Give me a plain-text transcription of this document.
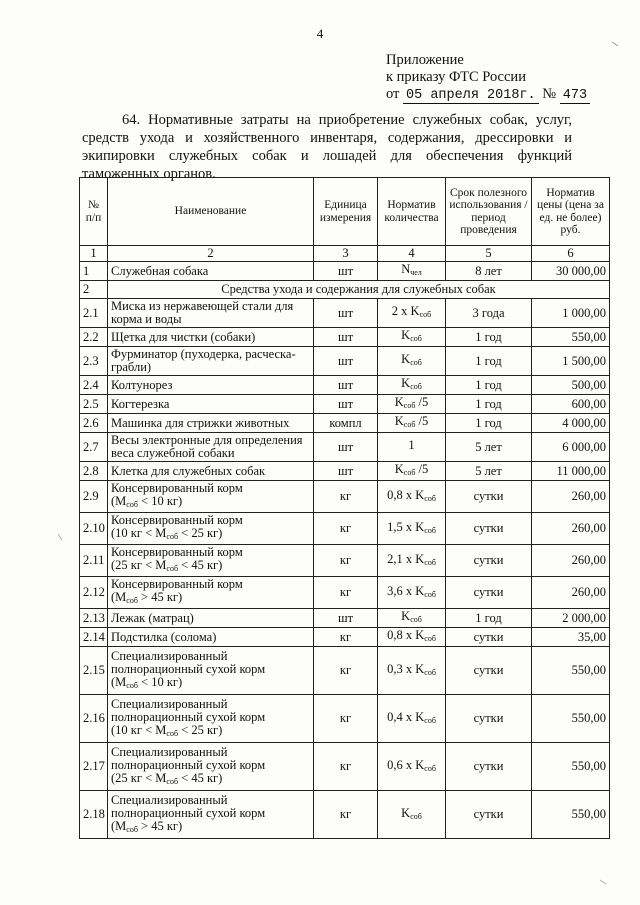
4
Приложение
к приказу ФТС России
от 05 апреля 2018г. № 473
64. Нормативные затраты на приобретение служебных собак, услуг, средств ухода и хозяйственного инвентаря, содержания, дрессировки и экипировки служебных собак и лошадей для обеспечения функций таможенных органов.
№ п/п	Наименование	Единица измерения	Норматив количества	Срок полезного использования /период проведения	Норматив цены (цена за ед. не более) руб.
1	2	3	4	5	6
1	Служебная собака	шт	$N_{чел}$	8 лет	30 000,00
2	Средства ухода и содержания для служебных собак				
2.1	Миска из нержавеющей стали для корма и воды	шт	2 х $K_{соб}$	3 года	1 000,00
2.2	Щетка для чистки (собаки)	шт	$K_{соб}$	1 год	550,00
2.3	Фурминатор (пуходерка, расческа-грабли)	шт	$K_{соб}$	1 год	1 500,00
2.4	Колтунорез	шт	$K_{соб}$	1 год	500,00
2.5	Когтерезка	шт	$K_{соб}$ /5	1 год	600,00
2.6	Машинка для стрижки животных	компл	$K_{соб}$ /5	1 год	4 000,00
2.7	Весы электронные для определения веса служебной собаки	шт	1	5 лет	6 000,00
2.8	Клетка для служебных собак	шт	$K_{соб}$ /5	5 лет	11 000,00
2.9	Консервированный корм
($M_{соб} < 10$ кг)	кг	0,8 х $K_{соб}$	сутки	260,00
2.10	Консервированный корм
(10 кг < $M_{соб} < 25$ кг)	кг	1,5 х $K_{соб}$	сутки	260,00
2.11	Консервированный корм
(25 кг < $M_{соб} < 45$ кг)	кг	2,1 х $K_{соб}$	сутки	260,00
2.12	Консервированный корм
($M_{соб} > 45$ кг)	кг	3,6 х $K_{соб}$	сутки	260,00
2.13	Лежак (матрац)	шт	$K_{соб}$	1 год	2 000,00
2.14	Подстилка (солома)	кг	0,8 х $K_{соб}$	сутки	35,00
2.15	Специализированный полнорационный сухой корм
($M_{соб} < 10$ кг)	кг	0,3 х $K_{соб}$	сутки	550,00
2.16	Специализированный полнорационный сухой корм
(10 кг < $M_{соб} < 25$ кг)	кг	0,4 х $K_{соб}$	сутки	550,00
2.17	Специализированный полнорационный сухой корм
(25 кг < $M_{соб} < 45$ кг)	кг	0,6 х $K_{соб}$	сутки	550,00
2.18	Специализированный полнорационный сухой корм
($M_{соб} > 45$ кг)	кг	$K_{соб}$	сутки	550,00
